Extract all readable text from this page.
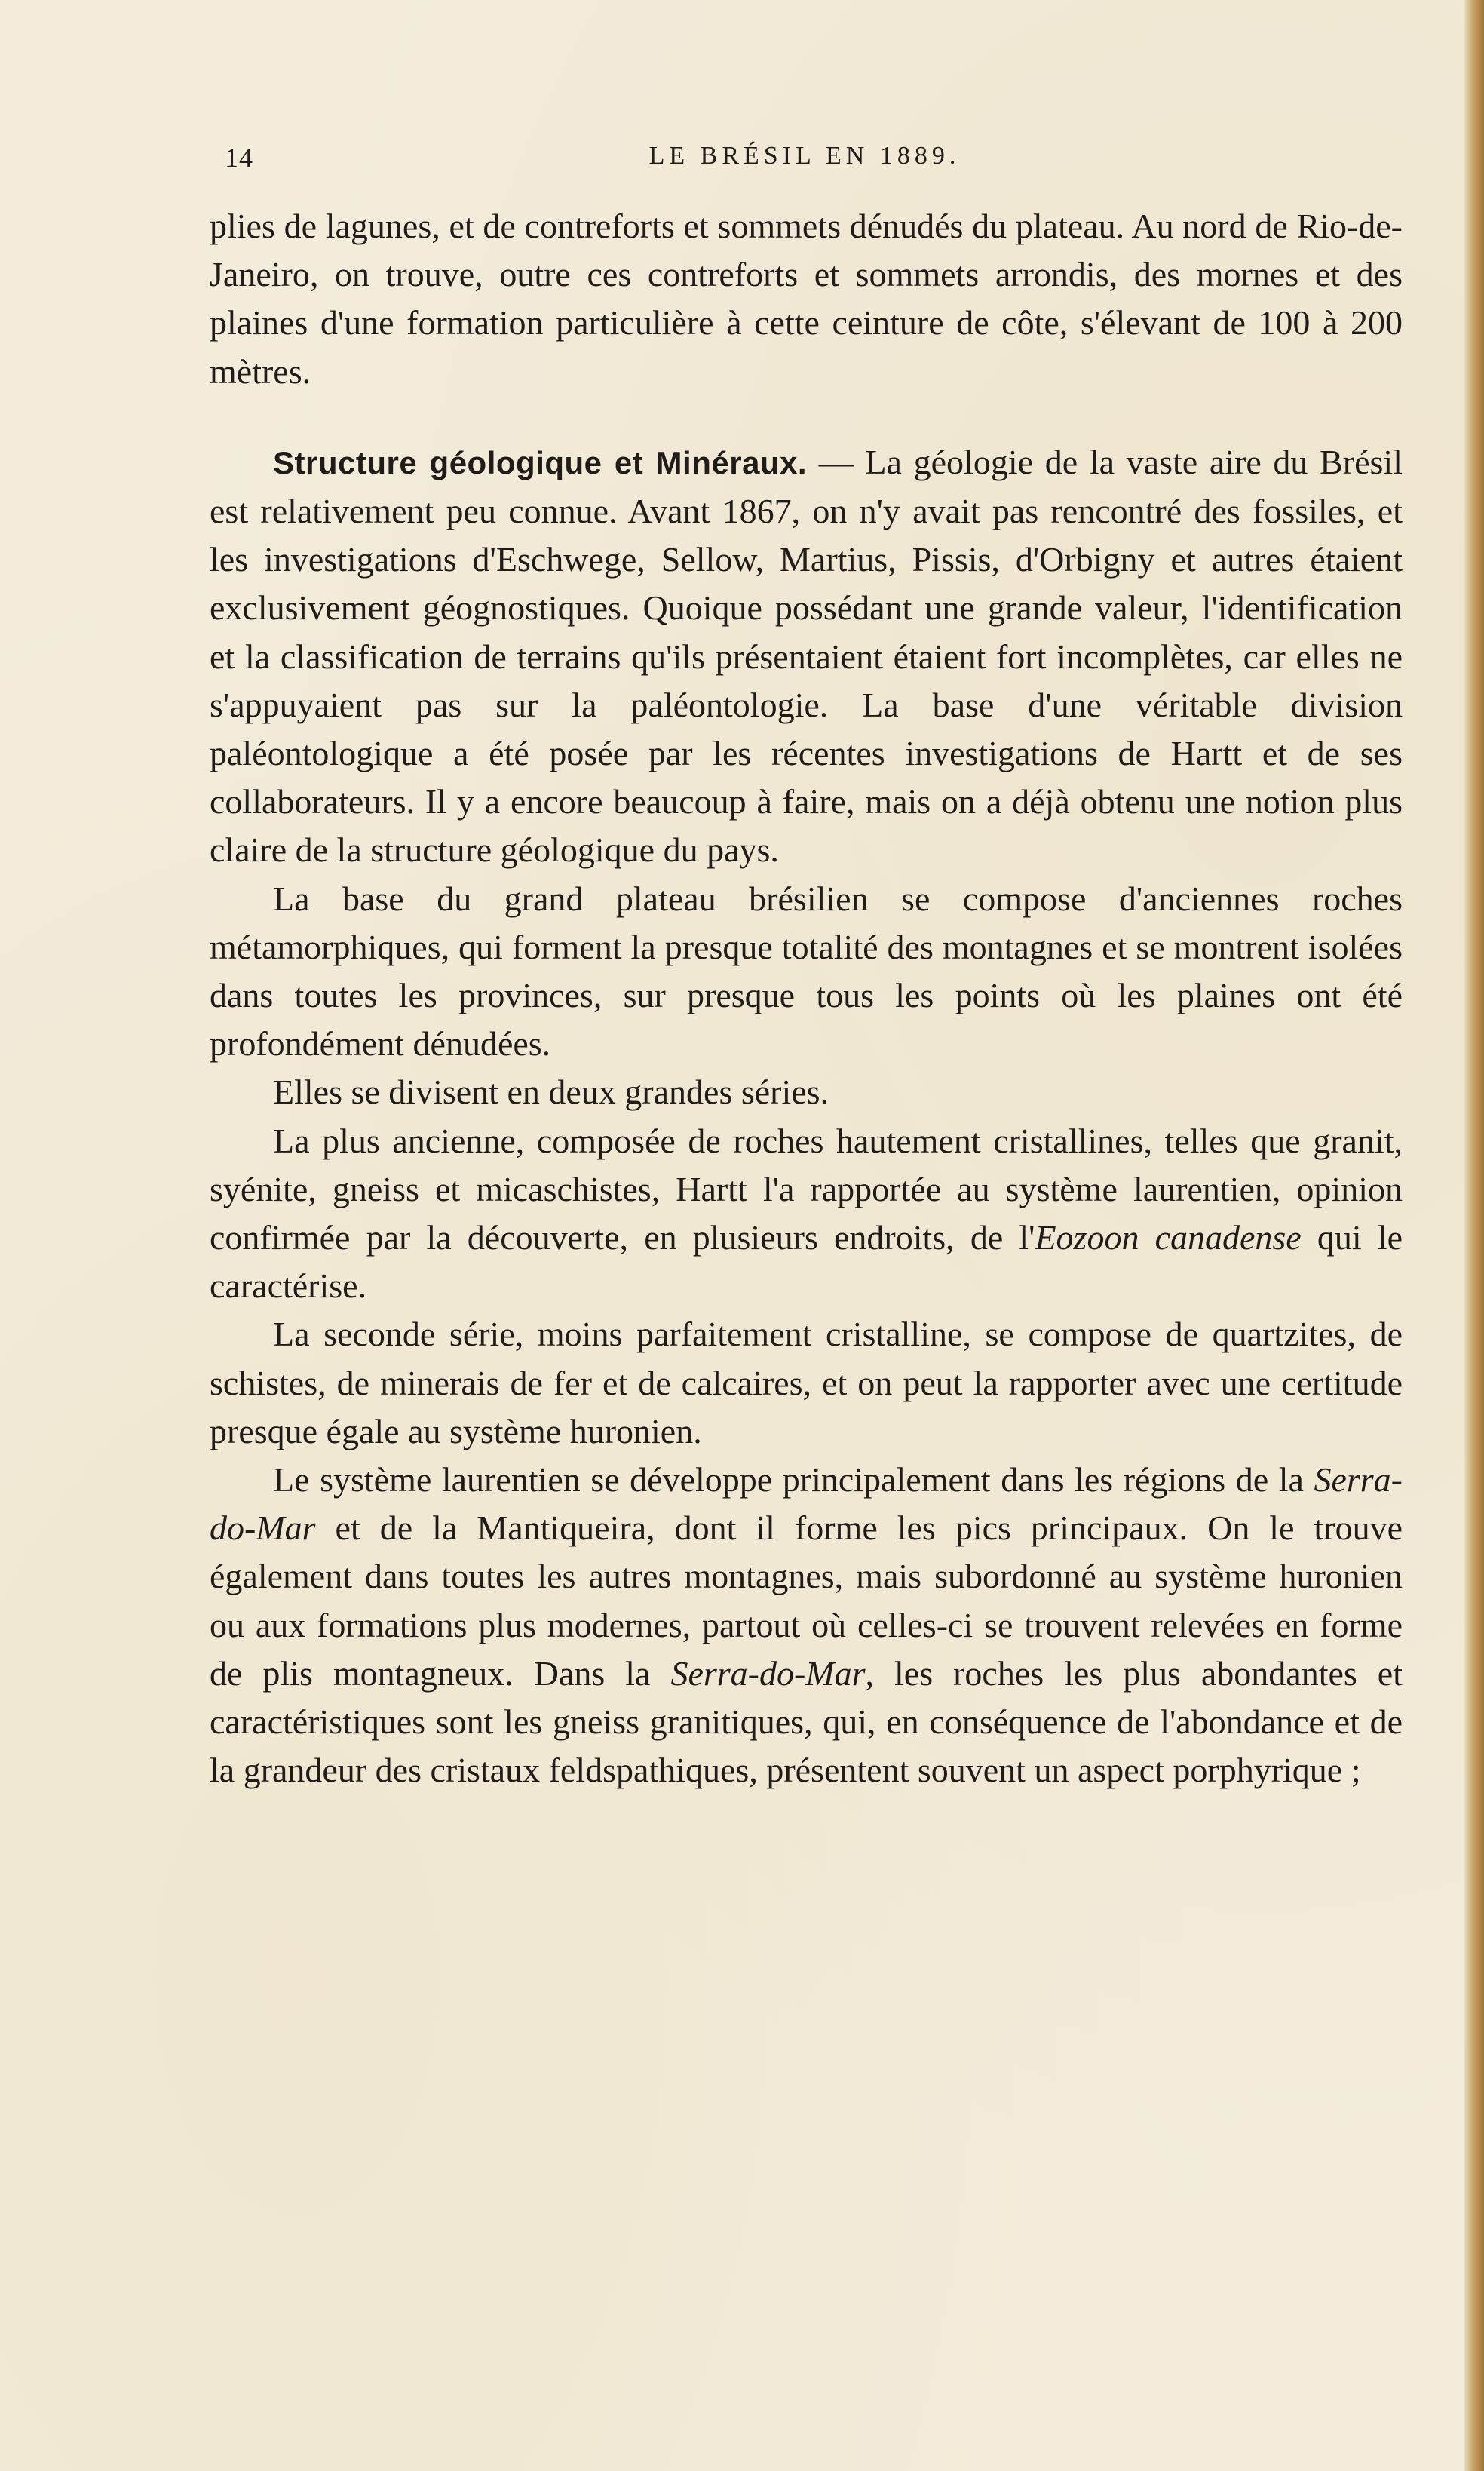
14	LE BRÉSIL EN 1889.

plies de lagunes, et de contreforts et sommets dénudés du plateau. Au nord de Rio-de-Janeiro, on trouve, outre ces contreforts et sommets arrondis, des mornes et des plaines d'une formation particulière à cette ceinture de côte, s'élevant de 100 à 200 mètres.

Structure géologique et Minéraux. — La géologie de la vaste aire du Brésil est relativement peu connue. Avant 1867, on n'y avait pas rencontré des fossiles, et les investigations d'Eschwege, Sellow, Martius, Pissis, d'Orbigny et autres étaient exclusivement géognostiques. Quoique possédant une grande valeur, l'identification et la classification de terrains qu'ils présentaient étaient fort incomplètes, car elles ne s'appuyaient pas sur la paléontologie. La base d'une véritable division paléontologique a été posée par les récentes investigations de Hartt et de ses collaborateurs. Il y a encore beaucoup à faire, mais on a déjà obtenu une notion plus claire de la structure géologique du pays.

La base du grand plateau brésilien se compose d'anciennes roches métamorphiques, qui forment la presque totalité des montagnes et se montrent isolées dans toutes les provinces, sur presque tous les points où les plaines ont été profondément dénudées.

Elles se divisent en deux grandes séries.

La plus ancienne, composée de roches hautement cristallines, telles que granit, syénite, gneiss et micaschistes, Hartt l'a rapportée au système laurentien, opinion confirmée par la découverte, en plusieurs endroits, de l'Eozoon canadense qui le caractérise.

La seconde série, moins parfaitement cristalline, se compose de quartzites, de schistes, de minerais de fer et de calcaires, et on peut la rapporter avec une certitude presque égale au système huronien.

Le système laurentien se développe principalement dans les régions de la Serra-do-Mar et de la Mantiqueira, dont il forme les pics principaux. On le trouve également dans toutes les autres montagnes, mais subordonné au système huronien ou aux formations plus modernes, partout où celles-ci se trouvent relevées en forme de plis montagneux. Dans la Serra-do-Mar, les roches les plus abondantes et caractéristiques sont les gneiss granitiques, qui, en conséquence de l'abondance et de la grandeur des cristaux feldspathiques, présentent souvent un aspect porphyrique ;
